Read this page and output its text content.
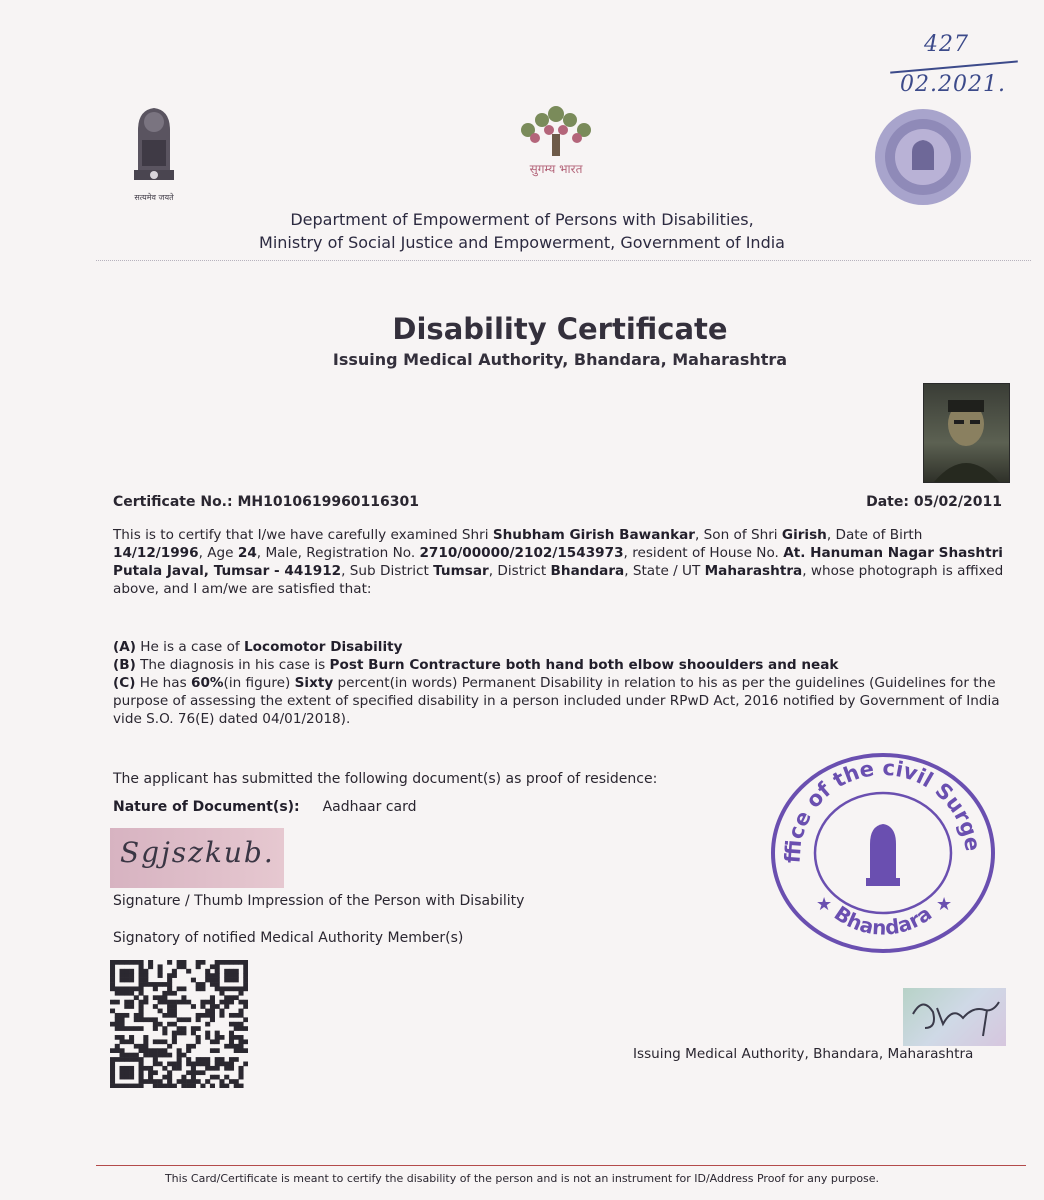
427
02.2021.
सत्यमेव जयते
सुगम्य भारत
Department of Empowerment of Persons with Disabilities,
Ministry of Social Justice and Empowerment, Government of India
Disability Certificate
Issuing Medical Authority, Bhandara, Maharashtra
Certificate No.: MH1010619960116301	Date: 05/02/2011
This is to certify that I/we have carefully examined Shri Shubham Girish Bawankar, Son of Shri Girish, Date of Birth 14/12/1996, Age 24, Male, Registration No. 2710/00000/2102/1543973, resident of House No. At. Hanuman Nagar Shashtri Putala Javal, Tumsar - 441912, Sub District Tumsar, District Bhandara, State / UT Maharashtra, whose photograph is affixed above, and I am/we are satisfied that:
(A) He is a case of Locomotor Disability
(B) The diagnosis in his case is Post Burn Contracture both hand both elbow shooulders and neak
(C) He has 60%(in figure) Sixty percent(in words) Permanent Disability in relation to his as per the guidelines (Guidelines for the purpose of assessing the extent of specified disability in a person included under RPwD Act, 2016 notified by Government of India vide S.O. 76(E) dated 04/01/2018).
The applicant has submitted the following document(s) as proof of residence:
Nature of Document(s): Aadhaar card
Sgjszkub.
Signature / Thumb Impression of the Person with Disability
Signatory of notified Medical Authority Member(s)
Office of the civil Surge
Bhandara
★	★
Issuing Medical Authority, Bhandara, Maharashtra
This Card/Certificate is meant to certify the disability of the person and is not an instrument for ID/Address Proof for any purpose.
